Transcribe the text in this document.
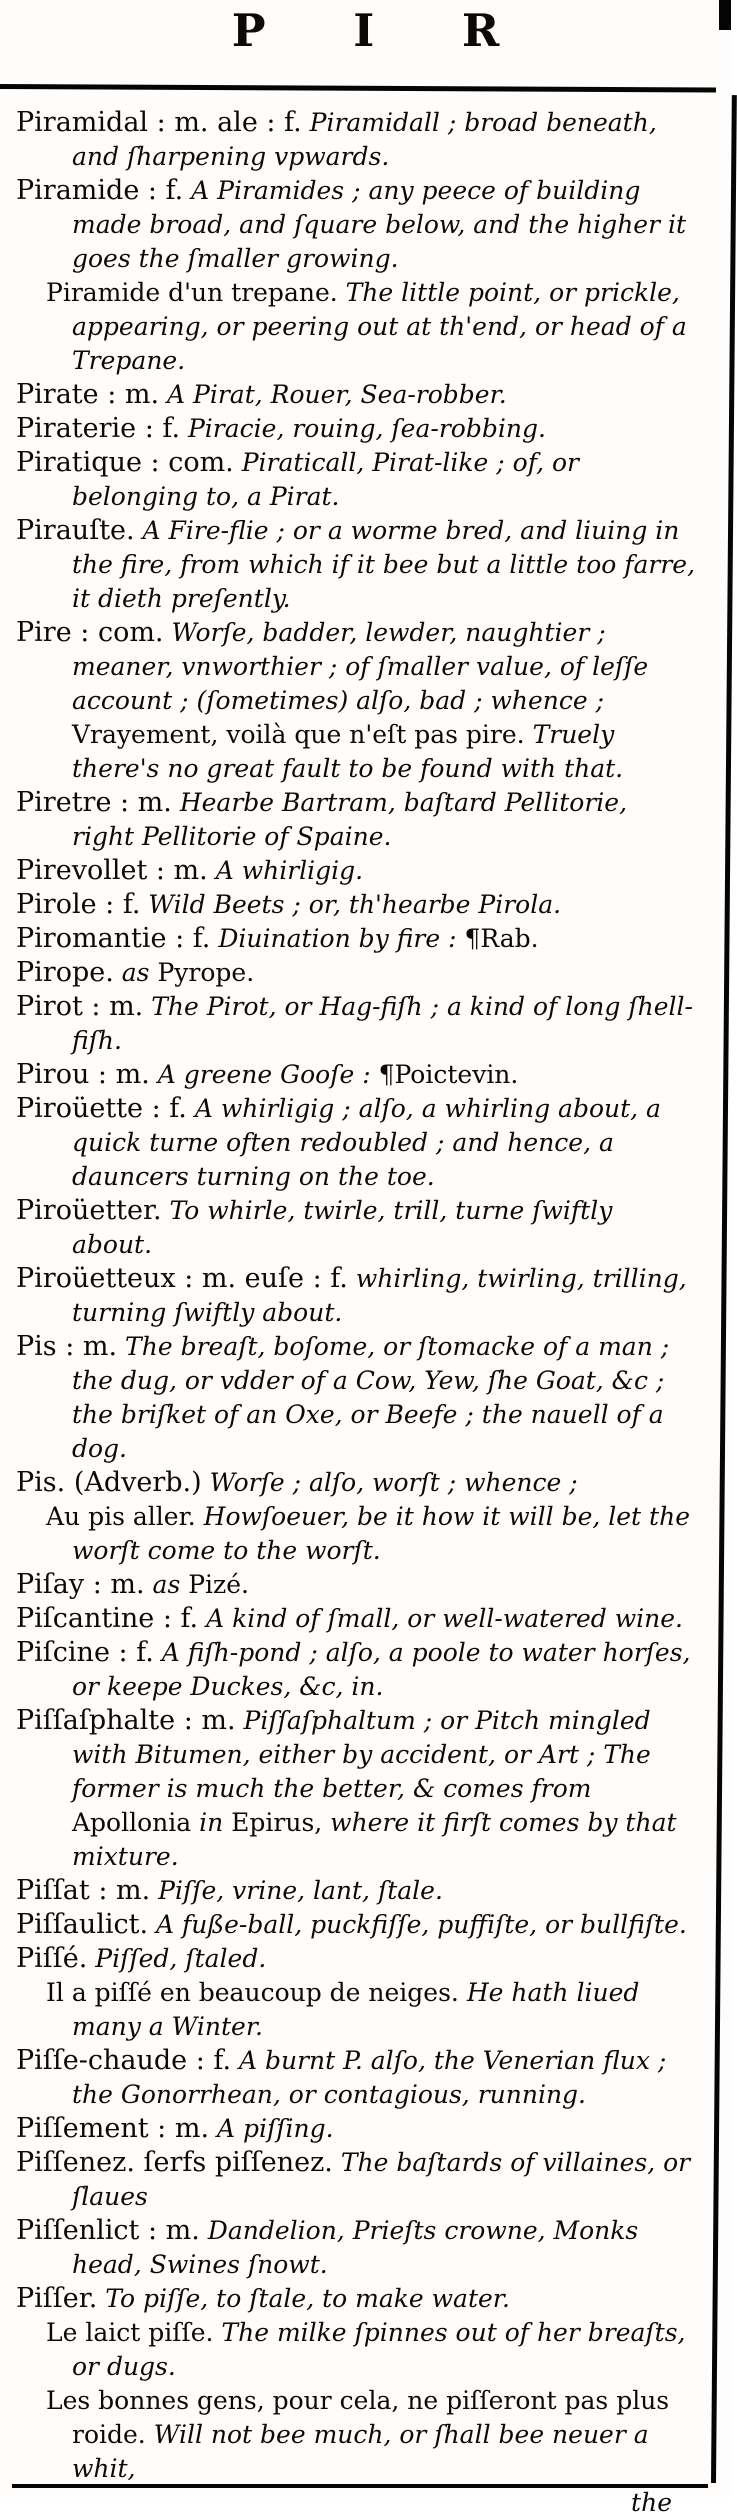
P I R

Piramidal : m. ale : f. Piramidall ; broad beneath, and ſharpening vpwards.

Piramide : f. A Piramides ; any peece of building made broad, and ſquare below, and the higher it goes the ſmaller growing.

Piramide d'un trepane. The little point, or prickle, appearing, or peering out at th'end, or head of a Trepane.

Pirate : m. A Pirat, Rouer, Sea-robber.

Piraterie : f. Piracie, rouing, ſea-robbing.

Piratique : com. Piraticall, Pirat-like ; of, or belonging to, a Pirat.

Pirauſte. A Fire-flie ; or a worme bred, and liuing in the fire, from which if it bee but a little too farre, it dieth preſently.

Pire : com. Worſe, badder, lewder, naughtier ; meaner, vnworthier ; of ſmaller value, of leſſe account ; (ſometimes) alſo, bad ; whence ; Vrayement, voilà que n'eſt pas pire. Truely there's no great fault to be found with that.

Piretre : m. Hearbe Bartram, baſtard Pellitorie, right Pellitorie of Spaine.

Pirevollet : m. A whirligig.

Pirole : f. Wild Beets ; or, th'hearbe Pirola.

Piromantie : f. Diuination by fire : ¶Rab.

Pirope. as Pyrope.

Pirot : m. The Pirot, or Hag-fiſh ; a kind of long ſhell-fiſh.

Pirou : m. A greene Gooſe : ¶Poictevin.

Piroüette : f. A whirligig ; alſo, a whirling about, a quick turne often redoubled ; and hence, a dauncers turning on the toe.

Piroüetter. To whirle, twirle, trill, turne ſwiftly about.

Piroüetteux : m. euſe : f. whirling, twirling, trilling, turning ſwiftly about.

Pis : m. The breaſt, boſome, or ſtomacke of a man ; the dug, or vdder of a Cow, Yew, ſhe Goat, &c ; the briſket of an Oxe, or Beefe ; the nauell of a dog.

Pis. (Adverb.) Worſe ; alſo, worſt ; whence ;

Au pis aller. Howſoeuer, be it how it will be, let the worſt come to the worſt.

Piſay : m. as Pizé.

Piſcantine : f. A kind of ſmall, or well-watered wine.

Piſcine : f. A fiſh-pond ; alſo, a poole to water horſes, or keepe Duckes, &c, in.

Piſſaſphalte : m. Piſſaſphaltum ; or Pitch mingled with Bitumen, either by accident, or Art ; The former is much the better, & comes from Apollonia in Epirus, where it firſt comes by that mixture.

Piſſat : m. Piſſe, vrine, lant, ſtale.

Piſſaulict. A fuße-ball, puckfiſſe, puffiſte, or bullfiſte.

Piſſé. Piſſed, ſtaled.

Il a piſſé en beaucoup de neiges. He hath liued many a Winter.

Piſſe-chaude : f. A burnt P. alſo, the Venerian flux ; the Gonorrhean, or contagious, running.

Piſſement : m. A piſſing.

Piſſenez. ſerfs piſſenez. The baſtards of villaines, or ſlaues

Piſſenlict : m. Dandelion, Prieſts crowne, Monks head, Swines ſnowt.

Piſſer. To piſſe, to ſtale, to make water.

Le laict piſſe. The milke ſpinnes out of her breaſts, or dugs.

Les bonnes gens, pour cela, ne piſſeront pas plus roide. Will not bee much, or ſhall bee neuer a whit,

the
